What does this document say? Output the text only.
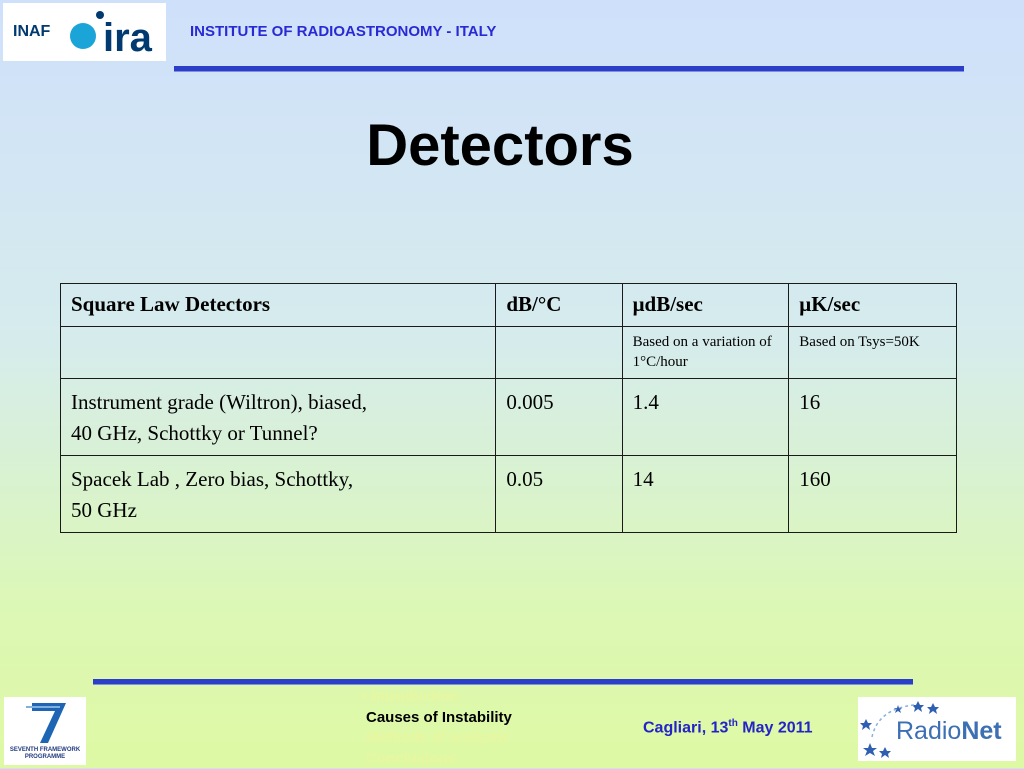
INAF ira	INSTITUTE OF RADIOASTRONOMY - ITALY
Detectors
Square Law Detectors	dB/°C	μdB/sec	μK/sec
		Based on a variation of 1°C/hour	Based on Tsys=50K

Instrument grade (Wiltron), biased,
40 GHz, Schottky or Tunnel?	0.005	1.4	16

Spacek Lab , Zero bias, Schottky,
50 GHz	0.05	14	160
SEVENTH FRAMEWORK
PROGRAMME
• Introduction
Causes of Instability
Methods of analysis
Conclusions
Cagliari, 13th May 2011	RadioNet
